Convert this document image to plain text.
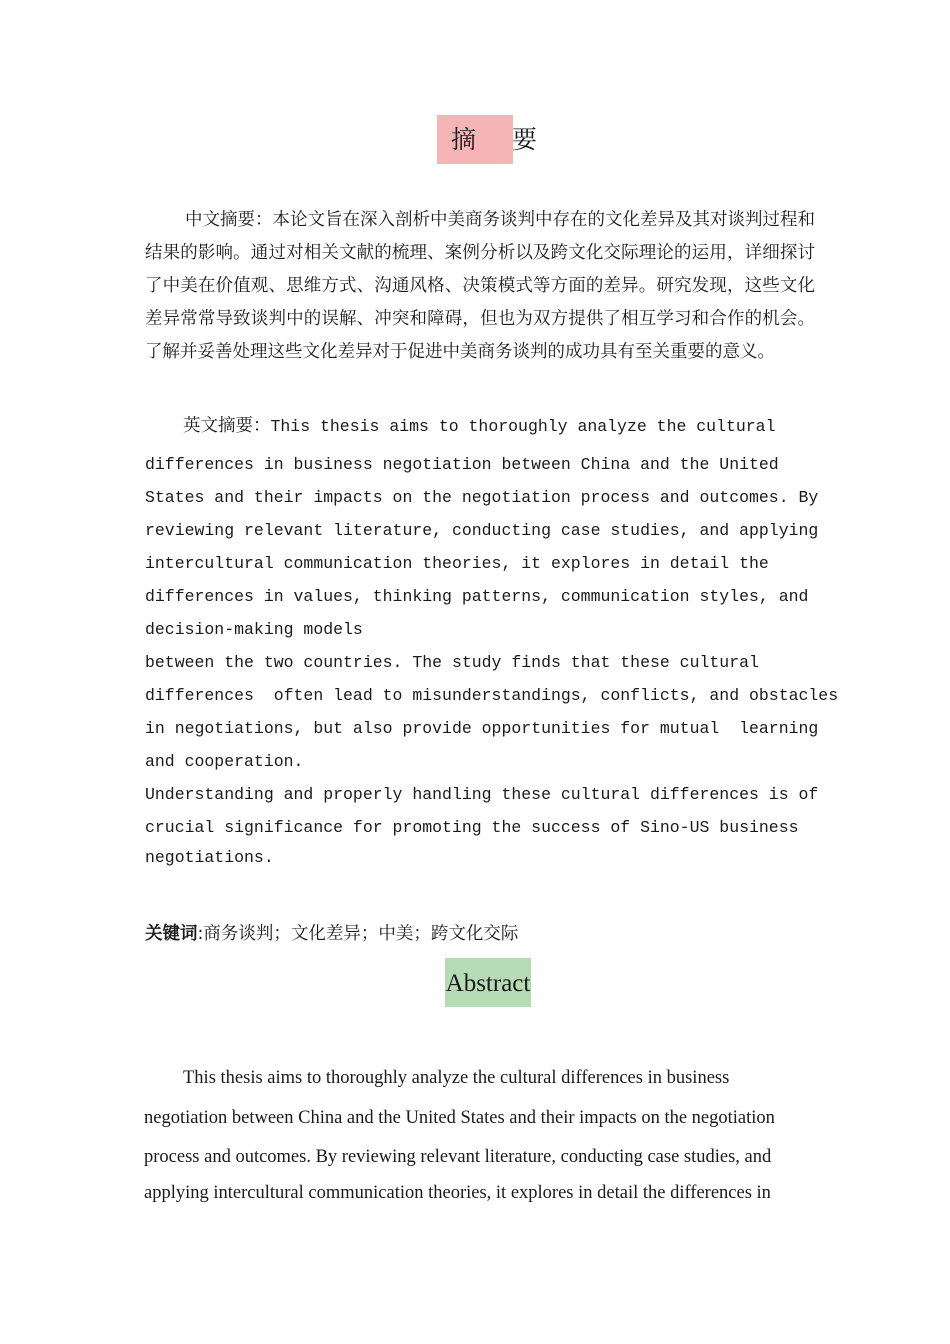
摘 要

中文摘要：本论文旨在深入剖析中美商务谈判中存在的文化差异及其对谈判过程和结果的影响。通过对相关文献的梳理、案例分析以及跨文化交际理论的运用，详细探讨了中美在价值观、思维方式、沟通风格、决策模式等方面的差异。研究发现，这些文化差异常常导致谈判中的误解、冲突和障碍，但也为双方提供了相互学习和合作的机会。了解并妥善处理这些文化差异对于促进中美商务谈判的成功具有至关重要的意义。

英文摘要：This thesis aims to thoroughly analyze the cultural
differences in business negotiation between China and the United
States and their impacts on the negotiation process and outcomes. By
reviewing relevant literature, conducting case studies, and applying
intercultural communication theories, it explores in detail the
differences in values, thinking patterns, communication styles, and
decision-making models
between the two countries. The study finds that these cultural
differences  often lead to misunderstandings, conflicts, and obstacles
in negotiations, but also provide opportunities for mutual  learning
and cooperation.
Understanding and properly handling these cultural differences is of
crucial significance for promoting the success of Sino-US business
negotiations.
关键词:商务谈判；文化差异；中美；跨文化交际
Abstract
This thesis aims to thoroughly analyze the cultural differences in business
negotiation between China and the United States and their impacts on the negotiation
process and outcomes. By reviewing relevant literature, conducting case studies, and
applying intercultural communication theories, it explores in detail the differences in
